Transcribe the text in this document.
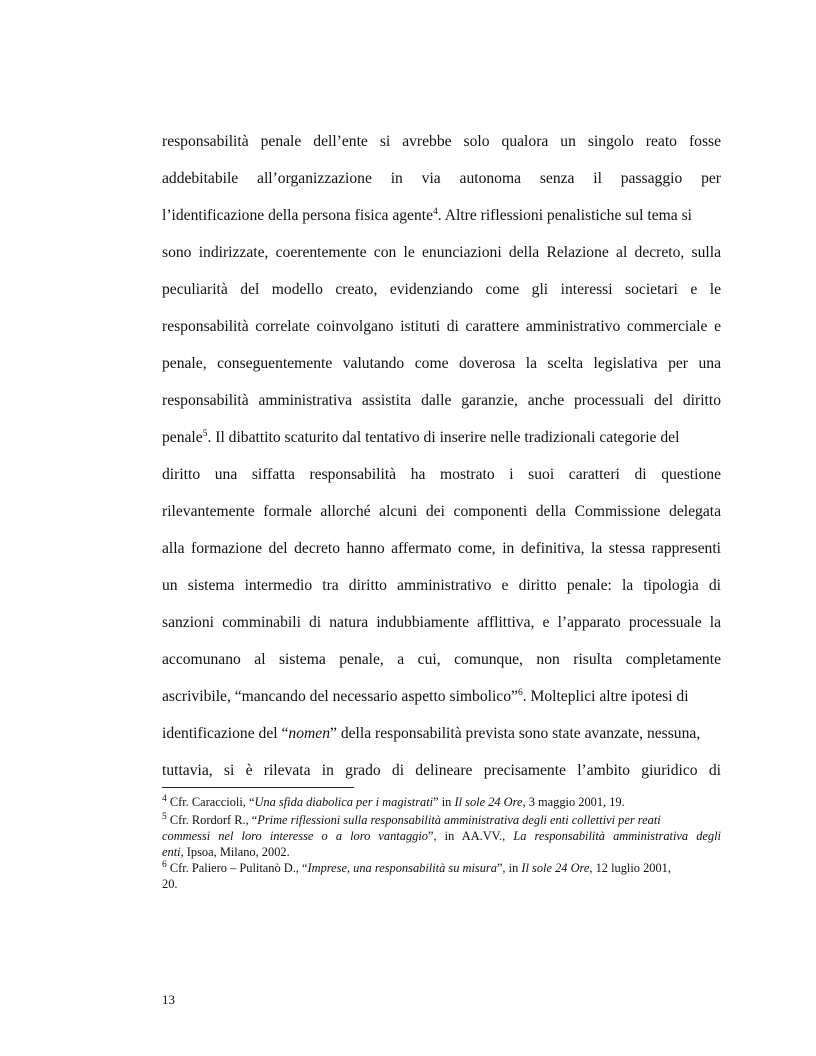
responsabilità penale dell’ente si avrebbe solo qualora un singolo reato fosse
addebitabile all’organizzazione in via autonoma senza il passaggio per
l’identificazione della persona fisica agente$^4$. Altre riflessioni penalistiche sul tema si
sono indirizzate, coerentemente con le enunciazioni della Relazione al decreto, sulla
peculiarità del modello creato, evidenziando come gli interessi societari e le
responsabilità correlate coinvolgano istituti di carattere amministrativo commerciale e
penale, conseguentemente valutando come doverosa la scelta legislativa per una
responsabilità amministrativa assistita dalle garanzie, anche processuali del diritto
penale$^5$. Il dibattito scaturito dal tentativo di inserire nelle tradizionali categorie del
diritto una siffatta responsabilità ha mostrato i suoi caratteri di questione
rilevantemente formale allorché alcuni dei componenti della Commissione delegata
alla formazione del decreto hanno affermato come, in definitiva, la stessa rappresenti
un sistema intermedio tra diritto amministrativo e diritto penale: la tipologia di
sanzioni comminabili di natura indubbiamente afflittiva, e l’apparato processuale la
accomunano al sistema penale, a cui, comunque, non risulta completamente
ascrivibile, “mancando del necessario aspetto simbolico”$^6$. Molteplici altre ipotesi di
identificazione del “nomen” della responsabilità prevista sono state avanzate, nessuna,
tuttavia, si è rilevata in grado di delineare precisamente l’ambito giuridico di
$^4$ Cfr. Caraccioli, “Una sfida diabolica per i magistrati” in Il sole 24 Ore, 3 maggio 2001, 19.
$^5$ Cfr. Rordorf R., “Prime riflessioni sulla responsabilità amministrativa degli enti collettivi per reati
commessi nel loro interesse o a loro vantaggio”, in AA.VV., La responsabilità amministrativa degli
enti, Ipsoa, Milano, 2002.
$^6$ Cfr. Paliero – Pulitanò D., “Imprese, una responsabilità su misura”, in Il sole 24 Ore, 12 luglio 2001,
20.
13
